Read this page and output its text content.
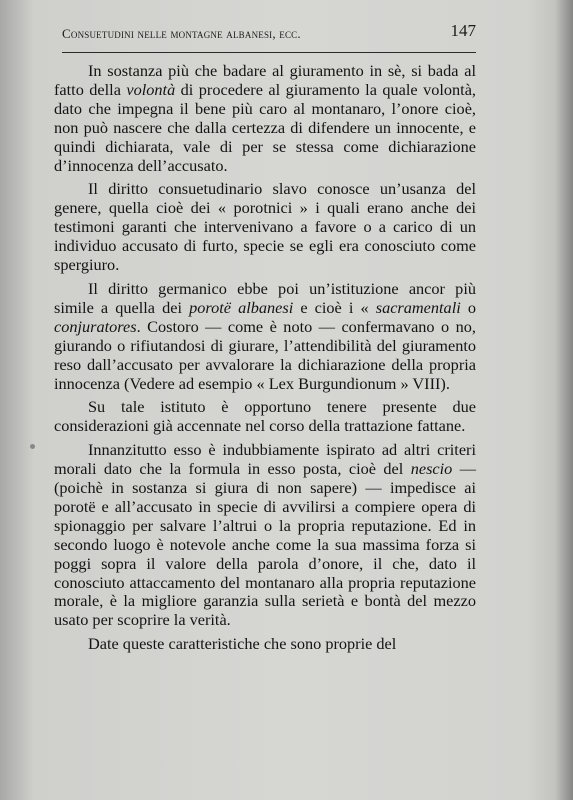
Consuetudini nelle montagne albanesi, ecc.	147

In sostanza più che badare al giuramento in sè, si bada al fatto della volontà di procedere al giuramento la quale volontà, dato che impegna il bene più caro al montanaro, l’onore cioè, non può nascere che dalla certezza di difendere un innocente, e quindi dichiarata, vale di per se stessa come dichiarazione d’innocenza dell’accusato.

Il diritto consuetudinario slavo conosce un’usanza del genere, quella cioè dei « porotnici » i quali erano anche dei testimoni garanti che intervenivano a favore o a carico di un individuo accusato di furto, specie se egli era conosciuto come spergiuro.

Il diritto germanico ebbe poi un’istituzione ancor più simile a quella dei porotë albanesi e cioè i « sacramentali o conjuratores. Costoro — come è noto — confermavano o no, giurando o rifiutandosi di giurare, l’attendibilità del giuramento reso dall’accusato per avvalorare la dichiarazione della propria innocenza (Vedere ad esempio « Lex Burgundionum » VIII).

Su tale istituto è opportuno tenere presente due considerazioni già accennate nel corso della trattazione fattane.

Innanzitutto esso è indubbiamente ispirato ad altri criteri morali dato che la formula in esso posta, cioè del nescio — (poichè in sostanza si giura di non sapere) — impedisce ai porotë e all’accusato in specie di avvilirsi a compiere opera di spionaggio per salvare l’altrui o la propria reputazione. Ed in secondo luogo è notevole anche come la sua massima forza si poggi sopra il valore della parola d’onore, il che, dato il conosciuto attaccamento del montanaro alla propria reputazione morale, è la migliore garanzia sulla serietà e bontà del mezzo usato per scoprire la verità.

Date queste caratteristiche che sono proprie del
